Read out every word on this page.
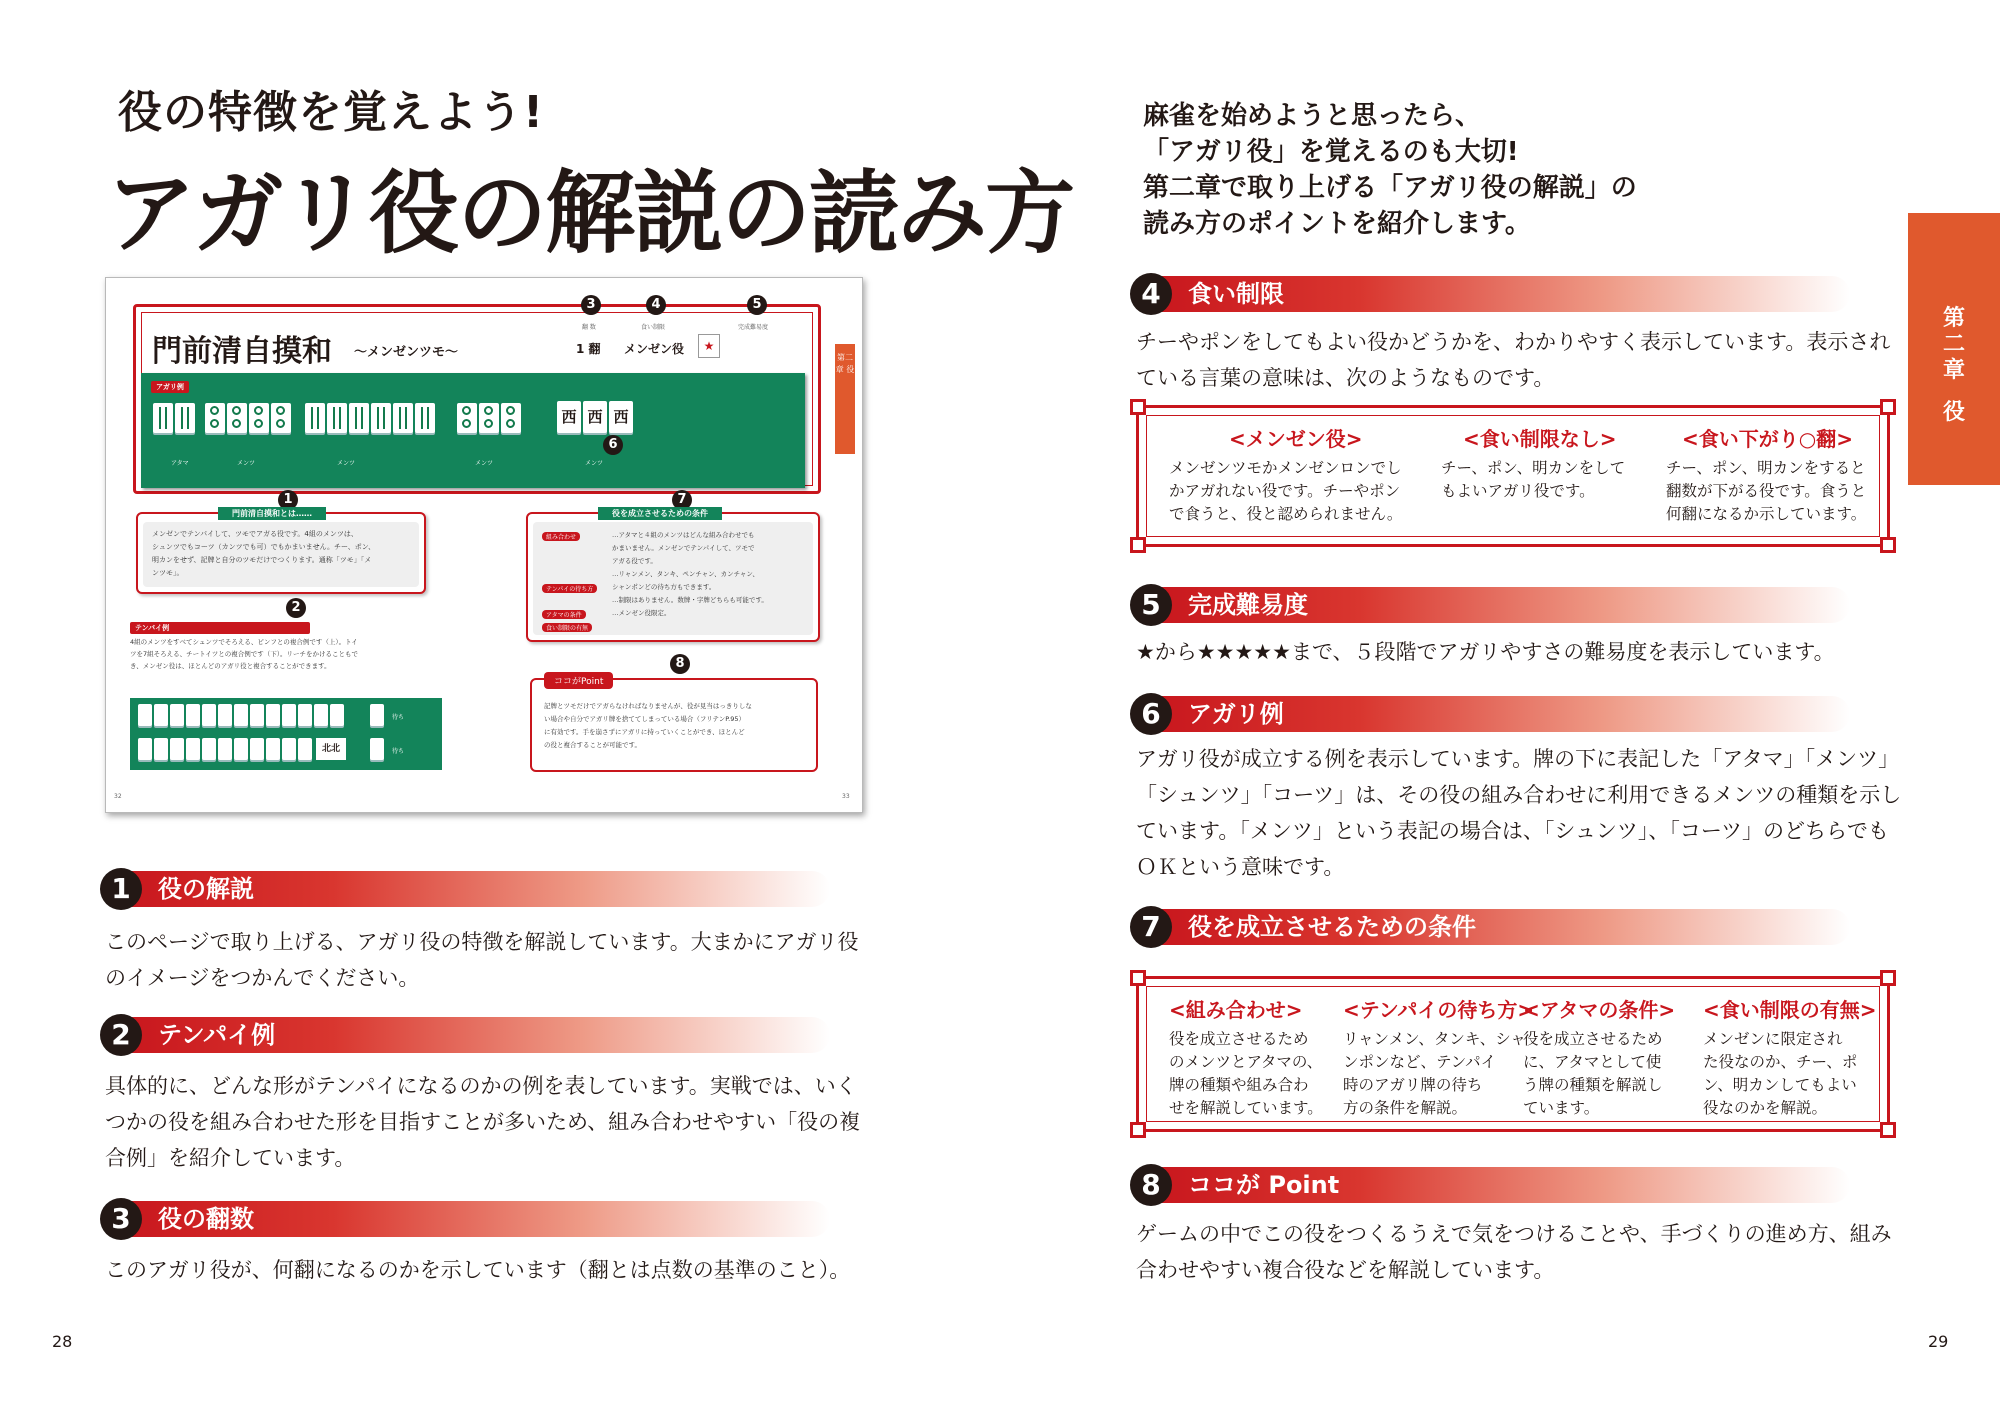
役の特徴を覚えよう!
アガリ役の解説の読み方
門前清自摸和 ～メンゼンツモ～
3	4	5
翻 数	食い制限	完成難易度
1 翻 メンゼン役	★
第二章 役
アガリ例
西 西 西
6
アタマ	メンツ	メンツ	メンツ	メンツ
1	7
門前清自摸和とは……
メンゼンでテンパイして、ツモでアガる役です。4組のメンツは、
シュンツでもコーツ（カンツでも可）でもかまいません。チー、ポン、
明カンをせず、記牌と自分のツモだけでつくります。通称「ツモ」「メ
ンツモ」。
2
テンパイ例
4組のメンツをすべてシュンツでそろえる、ピンフとの複合例です（上）。トイ
ツを7組そろえる、チートイツとの複合例です（下）。リーチをかけることもで
き、メンゼン役は、ほとんどのアガリ役と複合することができます。
待ち
北北	待ち
役を成立させるための条件
組み合わせ
テンパイの待ち方
アタマの条件
食い制限の有無
…アタマと４組のメンツはどんな組み合わせでも
かまいません。メンゼンでテンパイして、ツモで
アガる役です。
…リャンメン、タンキ、ペンチャン、カンチャン、
シャンポンどの待ち方もできます。
…制限はありません。数牌・字牌どちらも可能です。
…メンゼン役限定。
8
ココがPoint
記牌とツモだけでアガらなければなりませんが、役が見当はっきりしな
い場合や自分でアガリ牌を捨ててしまっている場合（フリテンP.95）
に有効です。手を崩さずにアガリに持っていくことができ、ほとんど
の役と複合することが可能です。
32	33
1	役の解説
このページで取り上げる、アガリ役の特徴を解説しています。大まかにアガリ役
のイメージをつかんでください。
2	テンパイ例
具体的に、どんな形がテンパイになるのかの例を表しています。実戦では、いく
つかの役を組み合わせた形を目指すことが多いため、組み合わせやすい「役の複
合例」を紹介しています。
3	役の翻数
このアガリ役が、何翻になるのかを示しています（翻とは点数の基準のこと）。
28
麻雀を始めようと思ったら、
「アガリ役」を覚えるのも大切!
第二章で取り上げる「アガリ役の解説」の
読み方のポイントを紹介します。
第
二
章
役
4	食い制限
チーやポンをしてもよい役かどうかを、わかりやすく表示しています。表示され
ている言葉の意味は、次のようなものです。
<メンゼン役>
メンゼンツモかメンゼンロンでし
かアガれない役です。チーやポン
で食うと、役と認められません。
<食い制限なし>
チー、ポン、明カンをして
もよいアガリ役です。
<食い下がり○翻>
チー、ポン、明カンをすると
翻数が下がる役です。食うと
何翻になるか示しています。
5	完成難易度
★から★★★★★まで、５段階でアガリやすさの難易度を表示しています。
6	アガリ例
アガリ役が成立する例を表示しています。牌の下に表記した「アタマ」「メンツ」
「シュンツ」「コーツ」は、その役の組み合わせに利用できるメンツの種類を示し
ています。「メンツ」という表記の場合は、「シュンツ」、「コーツ」のどちらでも
ＯＫという意味です。
7	役を成立させるための条件
<組み合わせ>
役を成立させるため
のメンツとアタマの、
牌の種類や組み合わ
せを解説しています。
<テンパイの待ち方>
リャンメン、タンキ、シャ
ンポンなど、テンパイ
時のアガリ牌の待ち
方の条件を解説。
<アタマの条件>
役を成立させるため
に、アタマとして使
う牌の種類を解説し
ています。
<食い制限の有無>
メンゼンに限定され
た役なのか、チー、ポ
ン、明カンしてもよい
役なのかを解説。
8	ココが Point
ゲームの中でこの役をつくるうえで気をつけることや、手づくりの進め方、組み
合わせやすい複合役などを解説しています。
29
